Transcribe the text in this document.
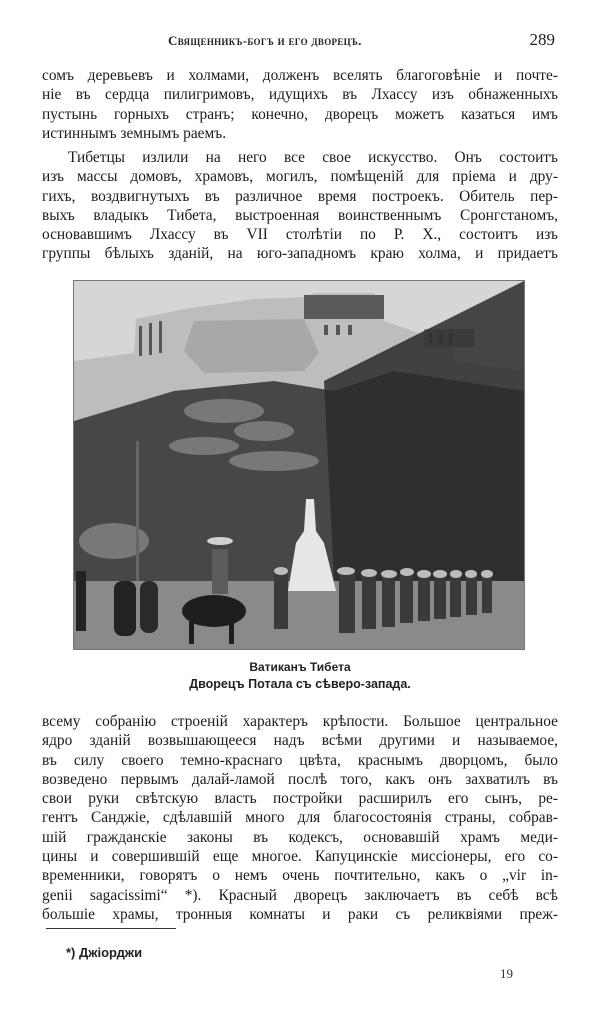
Священникъ-богъ и его дворецъ.	289
сомъ деревьевъ и холмами, долженъ вселять благоговѣніе и почте-
ніе въ сердца пилигримовъ, идущихъ въ Лхассу изъ обнаженныхъ
пустынь горныхъ странъ; конечно, дворецъ можетъ казаться имъ
истиннымъ земнымъ раемъ.
Тибетцы излили на него все свое искусство. Онъ состоитъ
изъ массы домовъ, храмовъ, могилъ, помѣщеній для пріема и дру-
гихъ, воздвигнутыхъ въ различное время построекъ. Обитель пер-
выхъ владыкъ Тибета, выстроенная воинственнымъ Сронгстаномъ,
основавшимъ Лхассу въ VII столѣтіи по Р. Х., состоитъ изъ
группы бѣлыхъ зданій, на юго-западномъ краю холма, и придаетъ
Ватиканъ Тибета
Дворецъ Потала съ сѣверо-запада.
всему собранію строеній характеръ крѣпости. Большое центральное
ядро зданій возвышающееся надъ всѣми другими и называемое,
въ силу своего темно-краснаго цвѣта, краснымъ дворцомъ, было
возведено первымъ далай-ламой послѣ того, какъ онъ захватилъ въ
свои руки свѣтскую власть постройки расширилъ его сынъ, ре-
гентъ Санджіе, сдѣлавшій много для благосостоянія страны, собрав-
шій гражданскіе законы въ кодексъ, основавшій храмъ меди-
цины и совершившій еще многое. Капуцинскіе миссіонеры, его со-
временники, говорятъ о немъ очень почтительно, какъ о „vir in-
genii sagacissimi“ *). Красный дворецъ заключаетъ въ себѣ всѣ
большіе храмы, тронныя комнаты и раки съ реликвіями преж-
*) Джіорджи
19
